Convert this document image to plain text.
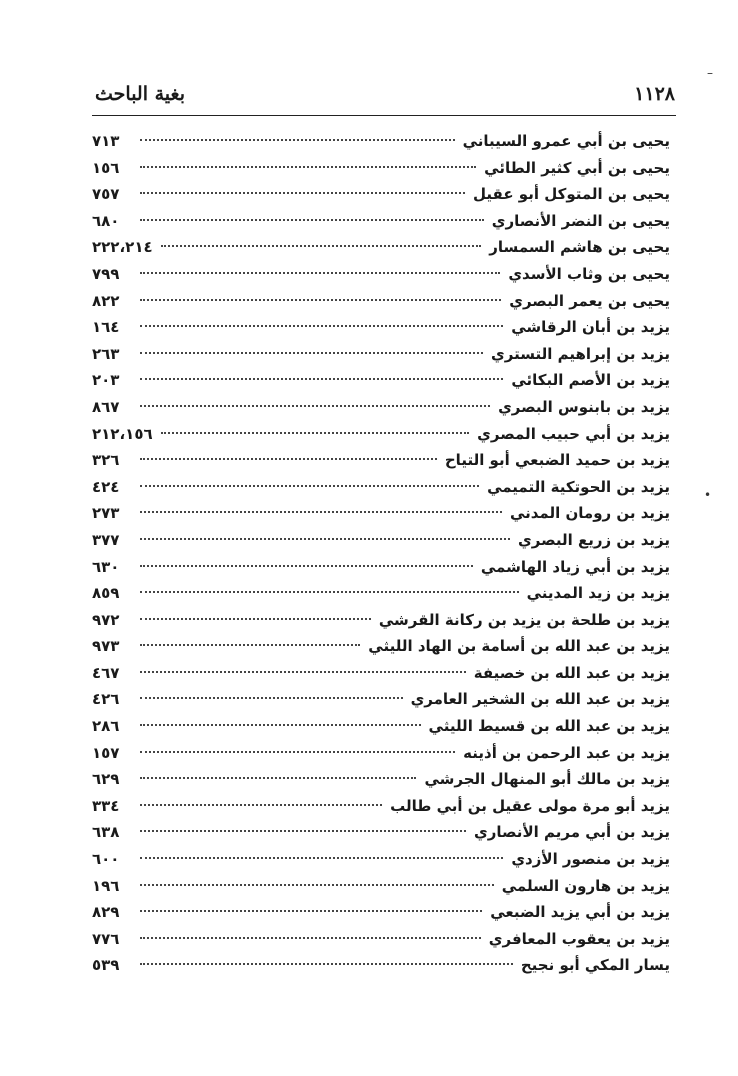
١١٢٨
بغية الباحث
يحيى بن أبي عمرو السيباني
٧١٣
يحيى بن أبي كثير الطائي
١٥٦
يحيى بن المتوكل أبو عقيل
٧٥٧
يحيى بن النضر الأنصاري
٦٨٠
يحيى بن هاشم السمسار
٢٢٢،٢١٤
يحيى بن وثاب الأسدي
٧٩٩
يحيى بن يعمر البصري
٨٢٢
يزيد بن أبان الرقاشي
١٦٤
يزيد بن إبراهيم التستري
٢٦٣
يزيد بن الأصم البكائي
٢٠٣
يزيد بن بابنوس البصري
٨٦٧
يزيد بن أبي حبيب المصري
٢١٢،١٥٦
يزيد بن حميد الضبعي أبو التياح
٣٢٦
يزيد بن الحوتكية التميمي
٤٢٤
يزيد بن رومان المدني
٢٧٣
يزيد بن زريع البصري
٣٧٧
يزيد بن أبي زياد الهاشمي
٦٣٠
يزيد بن زيد المديني
٨٥٩
يزيد بن طلحة بن يزيد بن ركانة القرشي
٩٧٢
يزيد بن عبد الله بن أسامة بن الهاد الليثي
٩٧٣
يزيد بن عبد الله بن خصيفة
٤٦٧
يزيد بن عبد الله بن الشخير العامري
٤٢٦
يزيد بن عبد الله بن قسيط الليثي
٢٨٦
يزيد بن عبد الرحمن بن أذينه
١٥٧
يزيد بن مالك أبو المنهال الجرشي
٦٢٩
يزيد أبو مرة مولى عقيل بن أبي طالب
٣٣٤
يزيد بن أبي مريم الأنصاري
٦٣٨
يزيد بن منصور الأزدي
٦٠٠
يزيد بن هارون السلمي
١٩٦
يزيد بن أبي يزيد الضبعي
٨٢٩
يزيد بن يعقوب المعافري
٧٧٦
يسار المكي أبو نجيح
٥٣٩
–
•
